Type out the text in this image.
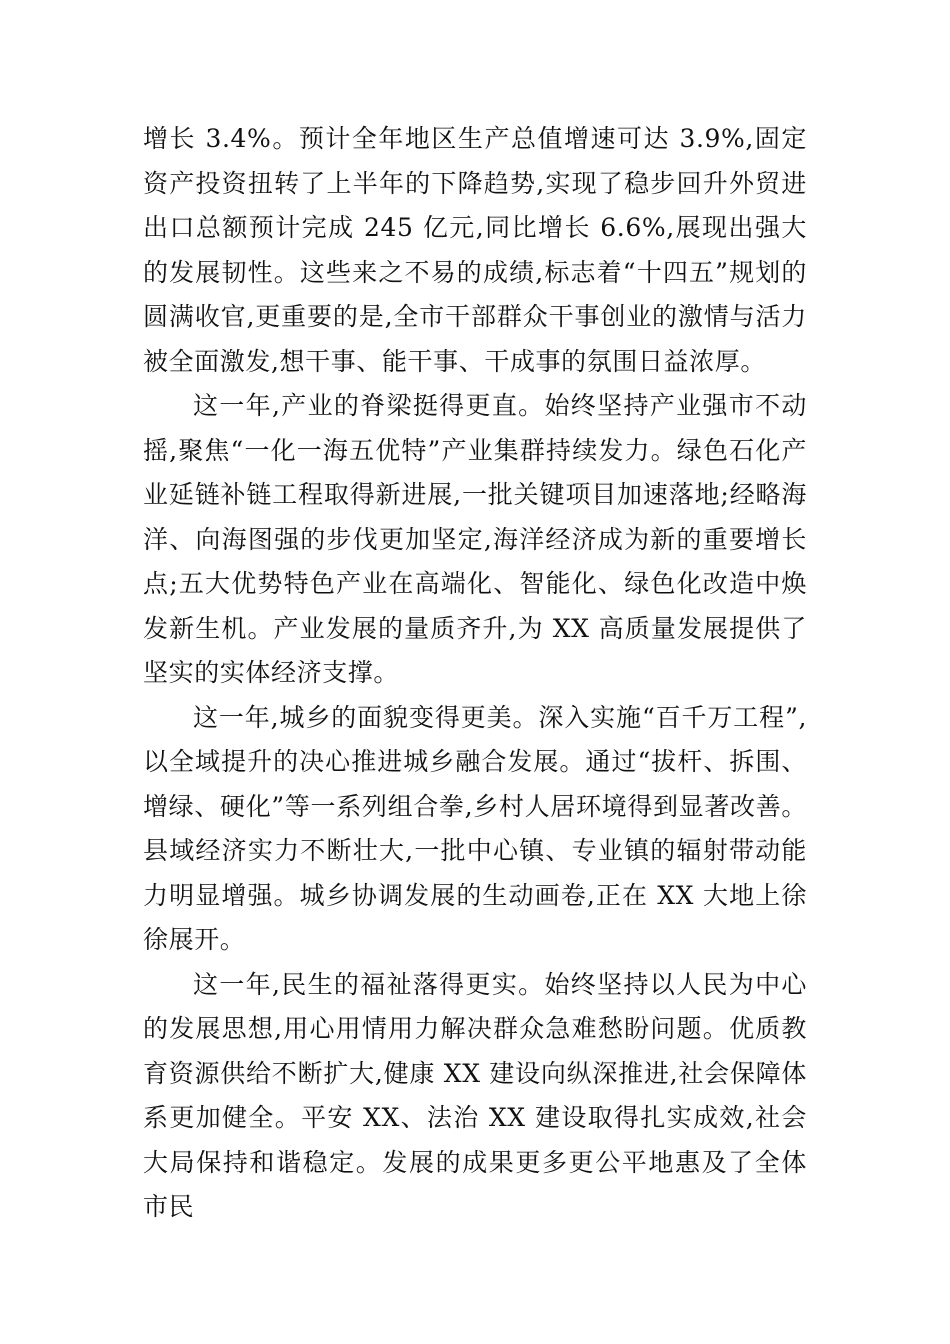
增长 3.4%。预计全年地区生产总值增速可达 3.9%,固定资产投资扭转了上半年的下降趋势,实现了稳步回升外贸进出口总额预计完成 245 亿元,同比增长 6.6%,展现出强大的发展韧性。这些来之不易的成绩,标志着“十四五”规划的圆满收官,更重要的是,全市干部群众干事创业的激情与活力被全面激发,想干事、能干事、干成事的氛围日益浓厚。

这一年,产业的脊梁挺得更直。始终坚持产业强市不动摇,聚焦“一化一海五优特”产业集群持续发力。绿色石化产业延链补链工程取得新进展,一批关键项目加速落地;经略海洋、向海图强的步伐更加坚定,海洋经济成为新的重要增长点;五大优势特色产业在高端化、智能化、绿色化改造中焕发新生机。产业发展的量质齐升,为 XX 高质量发展提供了坚实的实体经济支撑。

这一年,城乡的面貌变得更美。深入实施“百千万工程”,以全域提升的决心推进城乡融合发展。通过“拔杆、拆围、增绿、硬化”等一系列组合拳,乡村人居环境得到显著改善。县域经济实力不断壮大,一批中心镇、专业镇的辐射带动能力明显增强。城乡协调发展的生动画卷,正在 XX 大地上徐徐展开。

这一年,民生的福祉落得更实。始终坚持以人民为中心的发展思想,用心用情用力解决群众急难愁盼问题。优质教育资源供给不断扩大,健康 XX 建设向纵深推进,社会保障体系更加健全。平安 XX、法治 XX 建设取得扎实成效,社会大局保持和谐稳定。发展的成果更多更公平地惠及了全体市民
